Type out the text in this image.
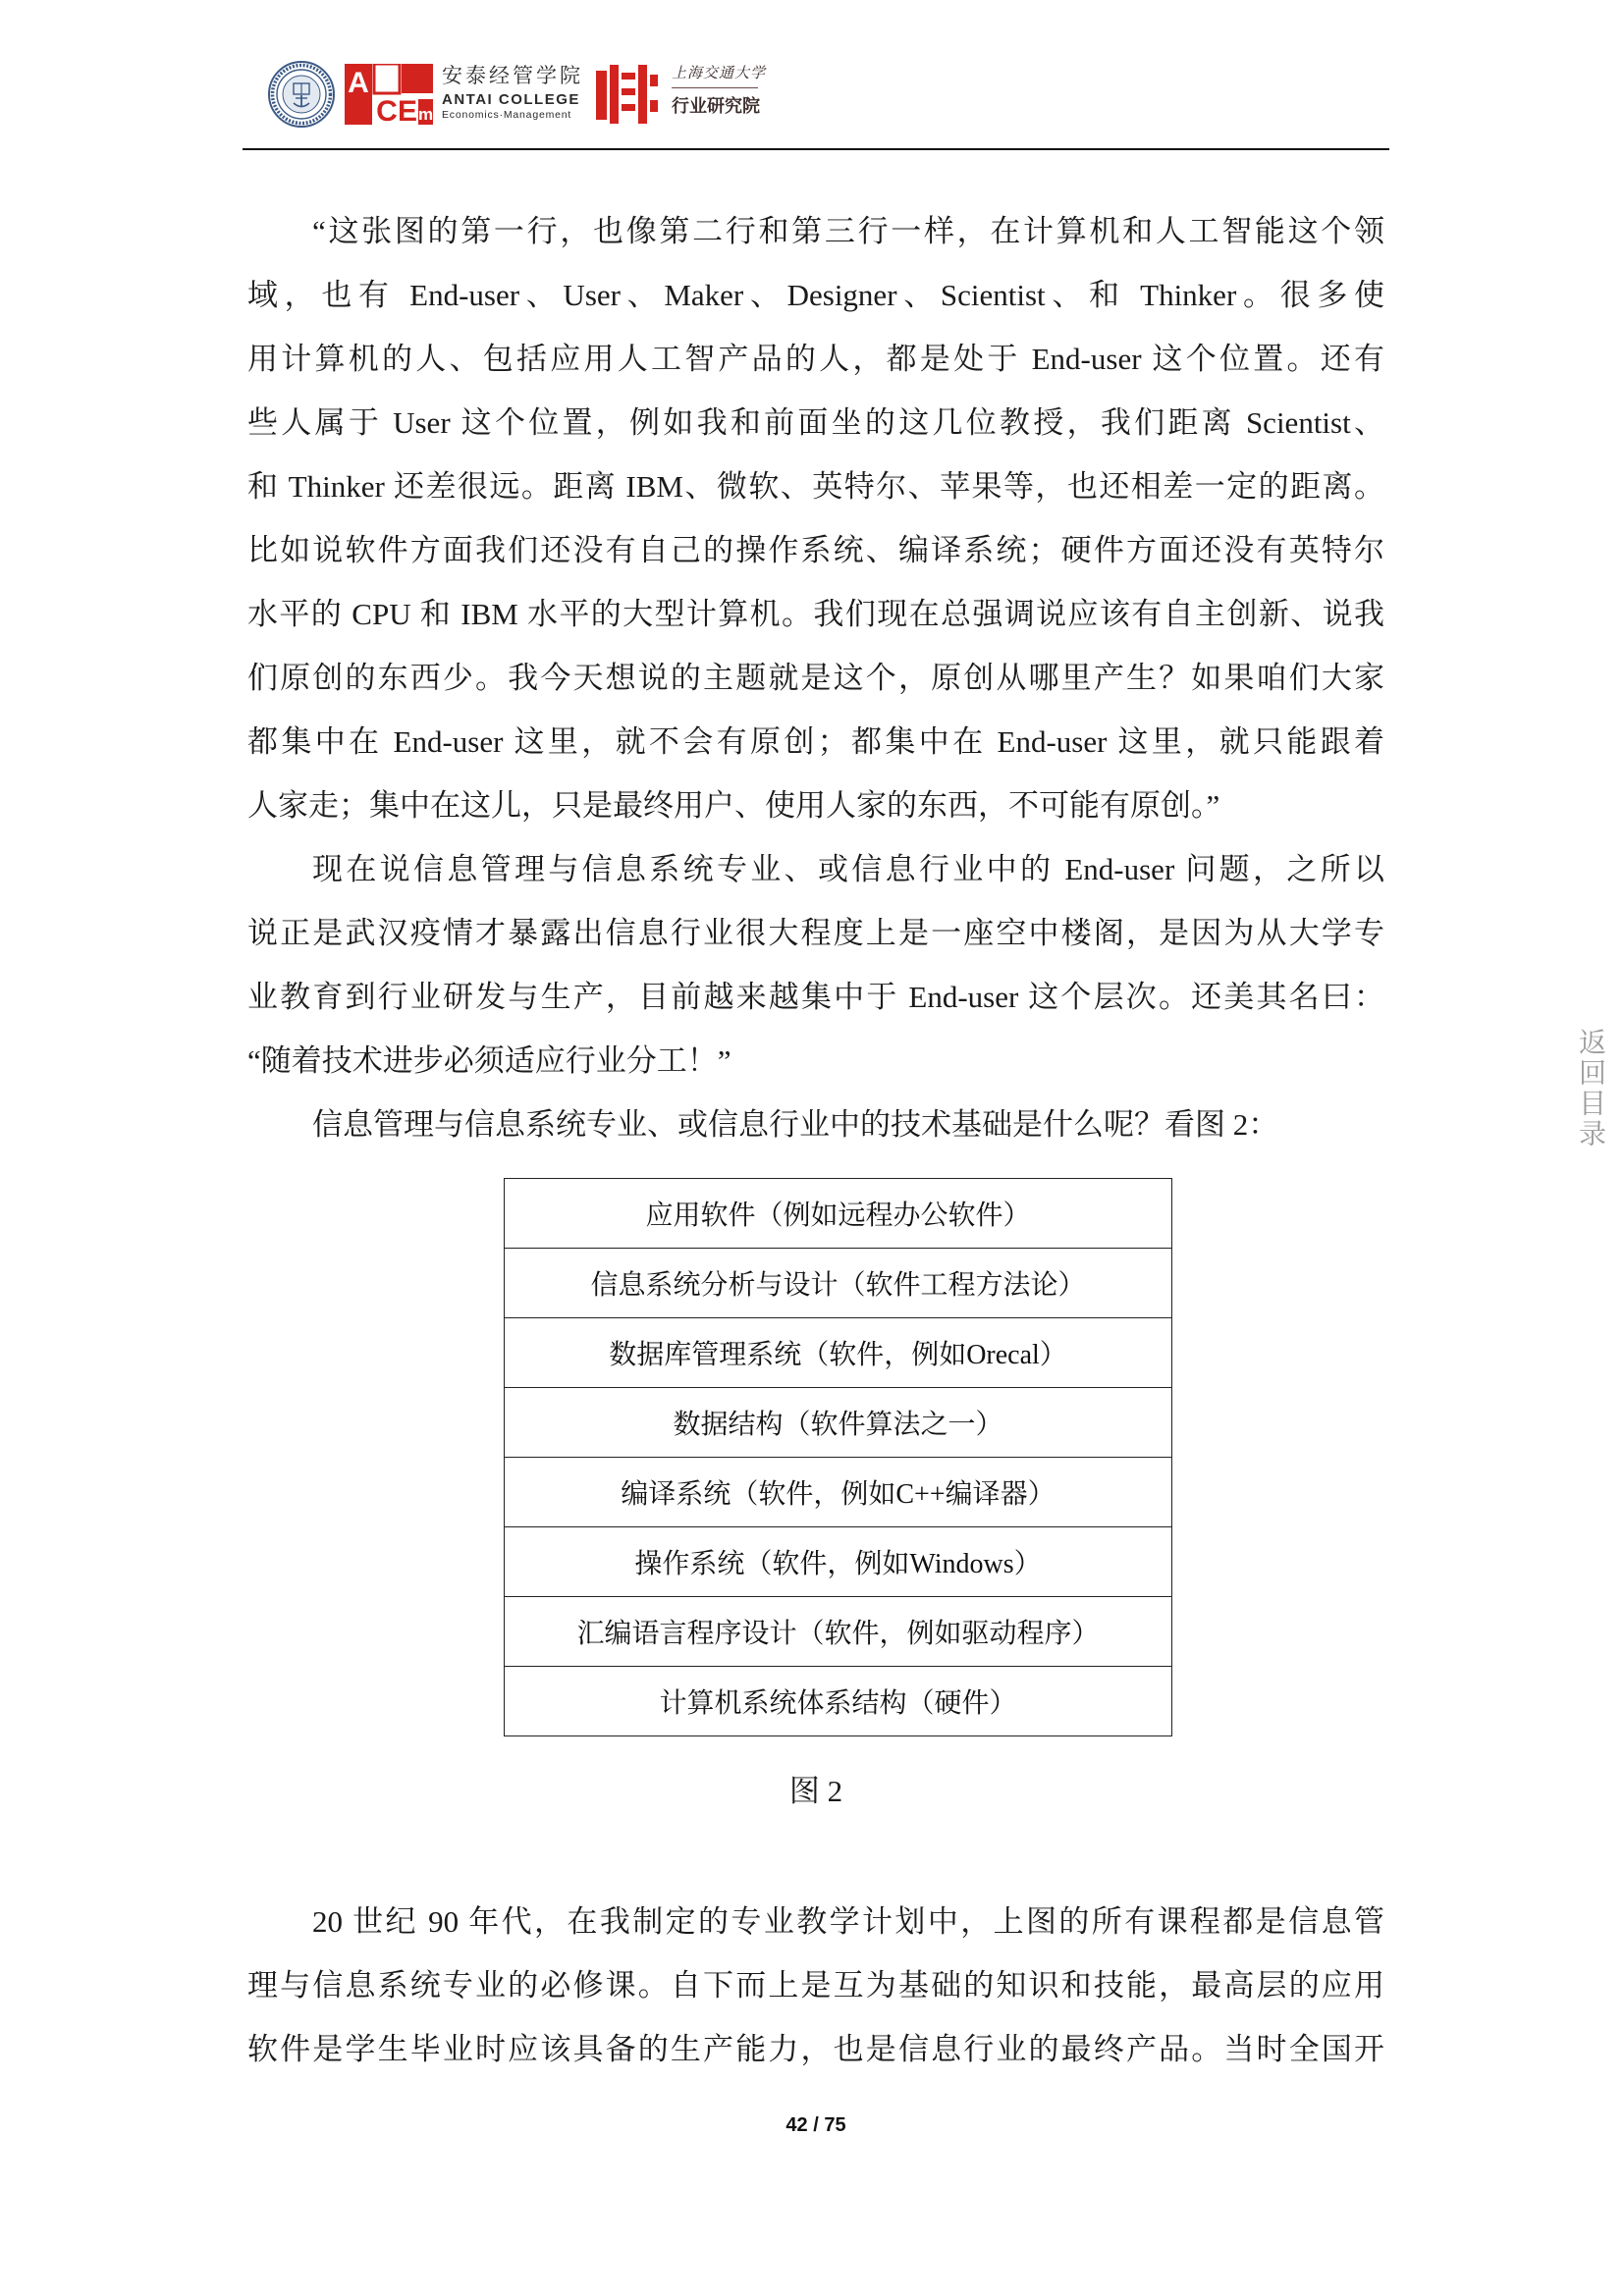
A
C E m
安泰经管学院
ANTAI COLLEGE
Economics·Management
上海交通大学
行业研究院
“这张图的第一行，也像第二行和第三行一样，在计算机和人工智能这个领
域，也有 End-user、User、Maker、Designer、Scientist、和 Thinker。很多使
用计算机的人、包括应用人工智产品的人，都是处于 End-user 这个位置。还有
些人属于 User 这个位置，例如我和前面坐的这几位教授，我们距离 Scientist、
和 Thinker 还差很远。距离 IBM、微软、英特尔、苹果等，也还相差一定的距离。
比如说软件方面我们还没有自己的操作系统、编译系统；硬件方面还没有英特尔
水平的 CPU 和 IBM 水平的大型计算机。我们现在总强调说应该有自主创新、说我
们原创的东西少。我今天想说的主题就是这个，原创从哪里产生？如果咱们大家
都集中在 End-user 这里，就不会有原创；都集中在 End-user 这里，就只能跟着
人家走；集中在这儿，只是最终用户、使用人家的东西，不可能有原创。”
现在说信息管理与信息系统专业、或信息行业中的 End-user 问题，之所以
说正是武汉疫情才暴露出信息行业很大程度上是一座空中楼阁，是因为从大学专
业教育到行业研发与生产，目前越来越集中于 End-user 这个层次。还美其名曰：
“随着技术进步必须适应行业分工！”
信息管理与信息系统专业、或信息行业中的技术基础是什么呢？看图 2：
应用软件（例如远程办公软件）
信息系统分析与设计（软件工程方法论）
数据库管理系统（软件，例如Orecal）
数据结构（软件算法之一）
编译系统（软件，例如C++编译器）
操作系统（软件，例如Windows）
汇编语言程序设计（软件，例如驱动程序）
计算机系统体系结构（硬件）
图 2
20 世纪 90 年代，在我制定的专业教学计划中，上图的所有课程都是信息管
理与信息系统专业的必修课。自下而上是互为基础的知识和技能，最高层的应用
软件是学生毕业时应该具备的生产能力，也是信息行业的最终产品。当时全国开
42 / 75
返回目录
